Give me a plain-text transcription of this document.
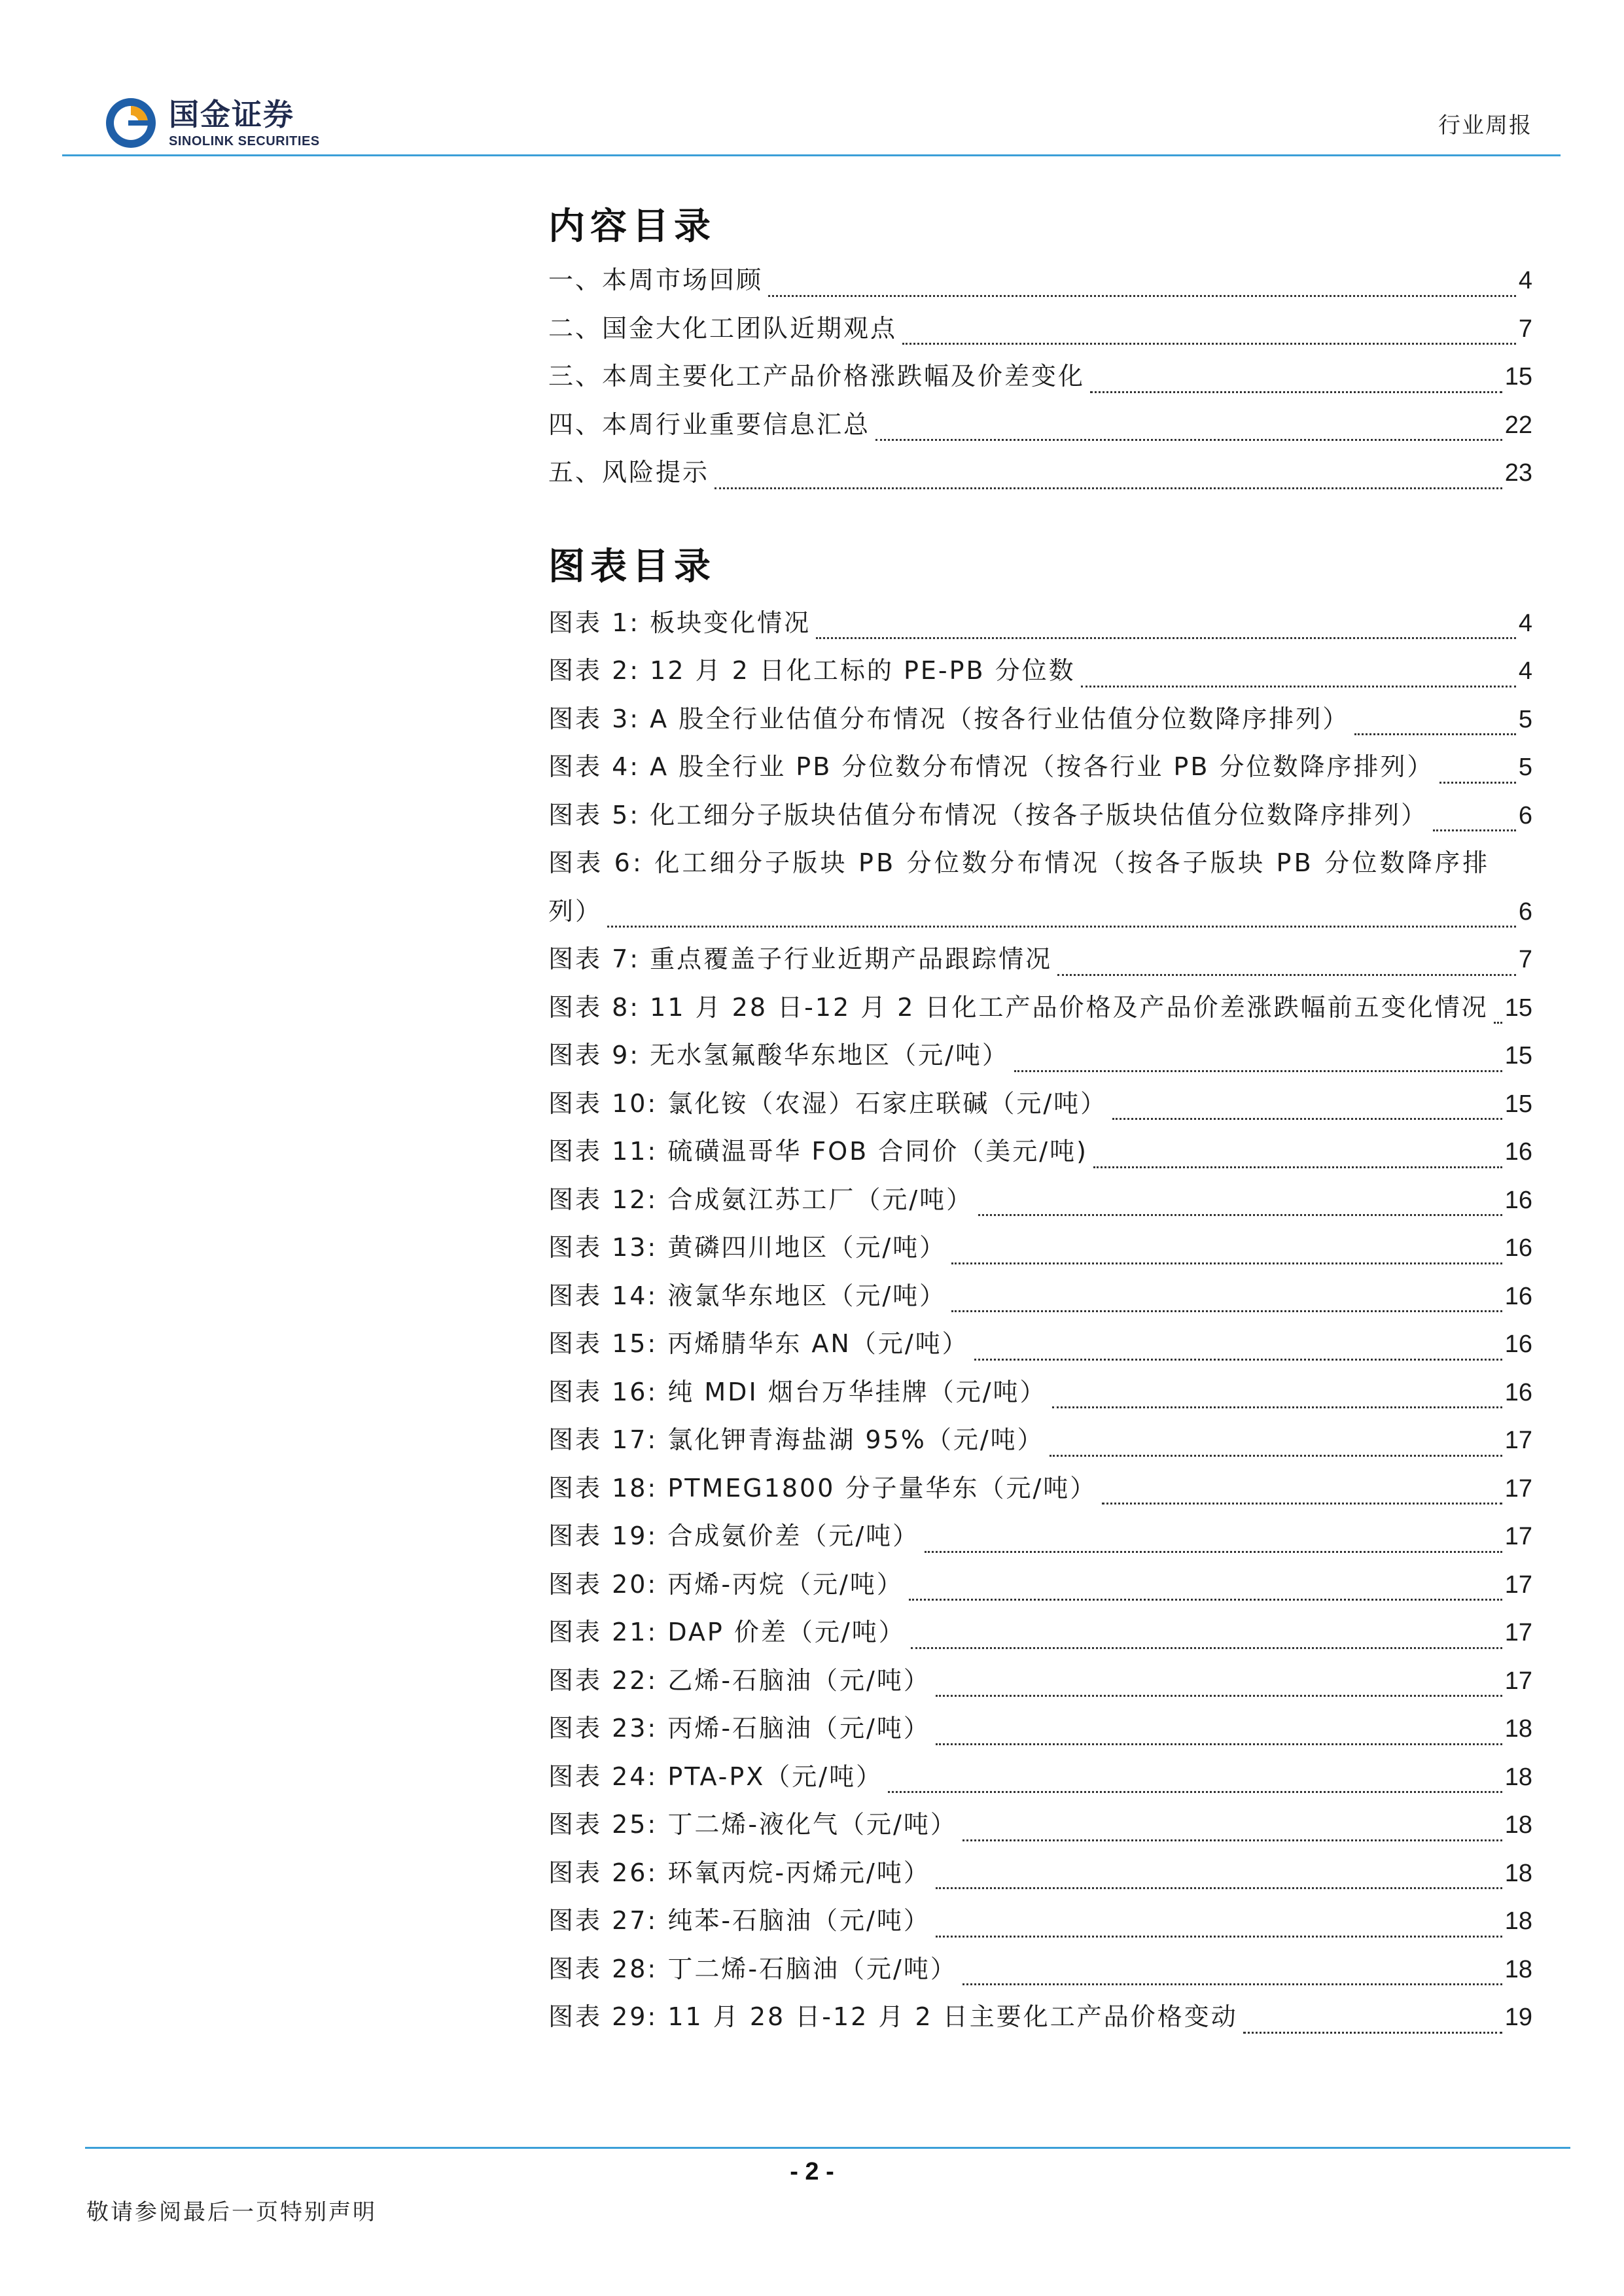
国金证券
SINOLINK SECURITIES
行业周报
内容目录
一、本周市场回顾	4
二、国金大化工团队近期观点	7
三、本周主要化工产品价格涨跌幅及价差变化	15
四、本周行业重要信息汇总	22
五、风险提示	23
图表目录
图表 1: 板块变化情况	4
图表 2: 12 月 2 日化工标的 PE-PB 分位数	4
图表 3: A 股全行业估值分布情况（按各行业估值分位数降序排列）	5
图表 4: A 股全行业 PB 分位数分布情况（按各行业 PB 分位数降序排列）	5
图表 5: 化工细分子版块估值分布情况（按各子版块估值分位数降序排列）	6
图表 6: 化工细分子版块 PB 分位数分布情况（按各子版块 PB 分位数降序排
列）	6
图表 7: 重点覆盖子行业近期产品跟踪情况	7
图表 8: 11 月 28 日-12 月 2 日化工产品价格及产品价差涨跌幅前五变化情况 15
图表 9: 无水氢氟酸华东地区（元/吨）	15
图表 10: 氯化铵（农湿）石家庄联碱（元/吨）	15
图表 11: 硫磺温哥华 FOB 合同价（美元/吨)	16
图表 12: 合成氨江苏工厂（元/吨）	16
图表 13: 黄磷四川地区（元/吨）	16
图表 14: 液氯华东地区（元/吨）	16
图表 15: 丙烯腈华东 AN（元/吨）	16
图表 16: 纯 MDI 烟台万华挂牌（元/吨）	16
图表 17: 氯化钾青海盐湖 95%（元/吨）	17
图表 18: PTMEG1800 分子量华东（元/吨）	17
图表 19: 合成氨价差（元/吨）	17
图表 20: 丙烯-丙烷（元/吨）	17
图表 21: DAP 价差（元/吨）	17
图表 22: 乙烯-石脑油（元/吨）	17
图表 23: 丙烯-石脑油（元/吨）	18
图表 24: PTA-PX（元/吨）	18
图表 25: 丁二烯-液化气（元/吨）	18
图表 26: 环氧丙烷-丙烯元/吨）	18
图表 27: 纯苯-石脑油（元/吨）	18
图表 28: 丁二烯-石脑油（元/吨）	18
图表 29: 11 月 28 日-12 月 2 日主要化工产品价格变动	19
- 2 -
敬请参阅最后一页特别声明
